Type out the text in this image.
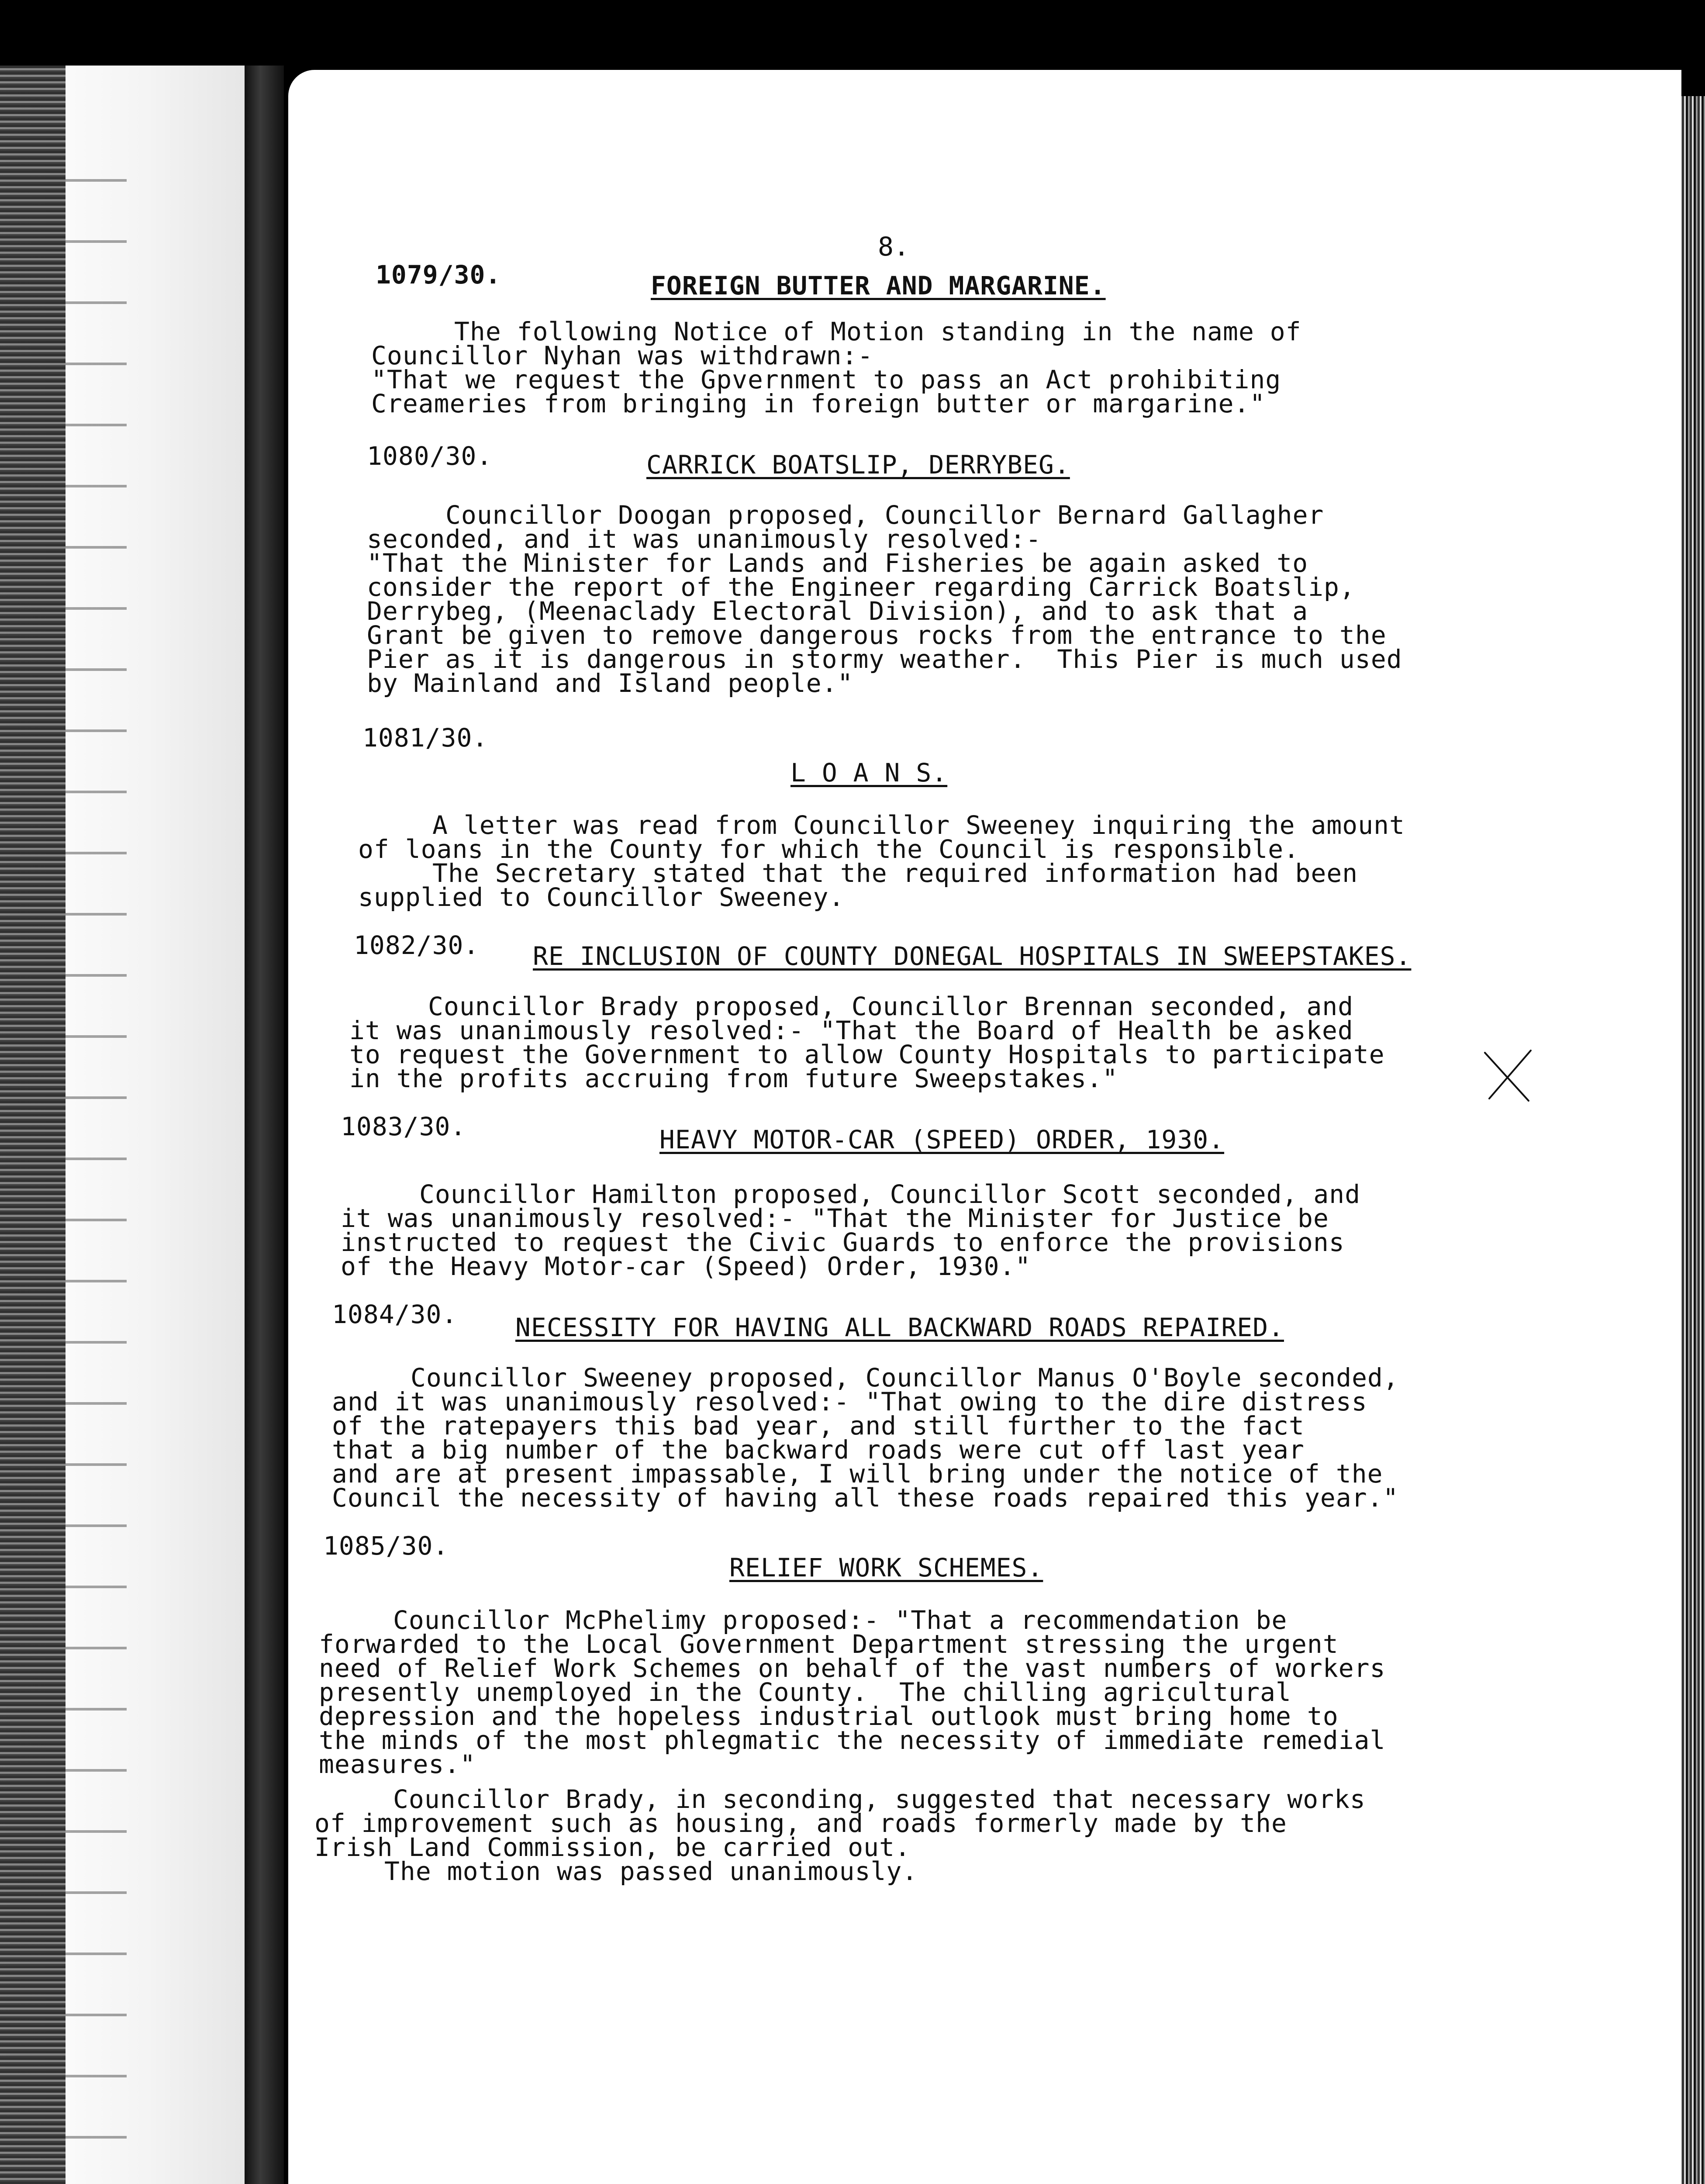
8.
1079/30.	FOREIGN BUTTER AND MARGARINE.
The following Notice of Motion standing in the name of
Councillor Nyhan was withdrawn:-
"That we request the Gpvernment to pass an Act prohibiting
Creameries from bringing in foreign butter or margarine."
1080/30.	CARRICK BOATSLIP, DERRYBEG.
Councillor Doogan proposed, Councillor Bernard Gallagher
seconded, and it was unanimously resolved:-
"That the Minister for Lands and Fisheries be again asked to
consider the report of the Engineer regarding Carrick Boatslip,
Derrybeg, (Meenaclady Electoral Division), and to ask that a
Grant be given to remove dangerous rocks from the entrance to the
Pier as it is dangerous in stormy weather.  This Pier is much used
by Mainland and Island people."
1081/30.
L O A N S.
A letter was read from Councillor Sweeney inquiring the amount
of loans in the County for which the Council is responsible.
The Secretary stated that the required information had been
supplied to Councillor Sweeney.
1082/30. RE INCLUSION OF COUNTY DONEGAL HOSPITALS IN SWEEPSTAKES.
Councillor Brady proposed, Councillor Brennan seconded, and
it was unanimously resolved:- "That the Board of Health be asked
to request the Government to allow County Hospitals to participate
in the profits accruing from future Sweepstakes."
1083/30.	HEAVY MOTOR-CAR (SPEED) ORDER, 1930.
Councillor Hamilton proposed, Councillor Scott seconded, and
it was unanimously resolved:- "That the Minister for Justice be
instructed to request the Civic Guards to enforce the provisions
of the Heavy Motor-car (Speed) Order, 1930."
1084/30. NECESSITY FOR HAVING ALL BACKWARD ROADS REPAIRED.
Councillor Sweeney proposed, Councillor Manus O'Boyle seconded,
and it was unanimously resolved:- "That owing to the dire distress
of the ratepayers this bad year, and still further to the fact
that a big number of the backward roads were cut off last year
and are at present impassable, I will bring under the notice of the
Council the necessity of having all these roads repaired this year."
1085/30.
RELIEF WORK SCHEMES.
Councillor McPhelimy proposed:- "That a recommendation be
forwarded to the Local Government Department stressing the urgent
need of Relief Work Schemes on behalf of the vast numbers of workers
presently unemployed in the County.  The chilling agricultural
depression and the hopeless industrial outlook must bring home to
the minds of the most phlegmatic the necessity of immediate remedial
measures."
Councillor Brady, in seconding, suggested that necessary works
of improvement such as housing, and roads formerly made by the
Irish Land Commission, be carried out.
The motion was passed unanimously.
